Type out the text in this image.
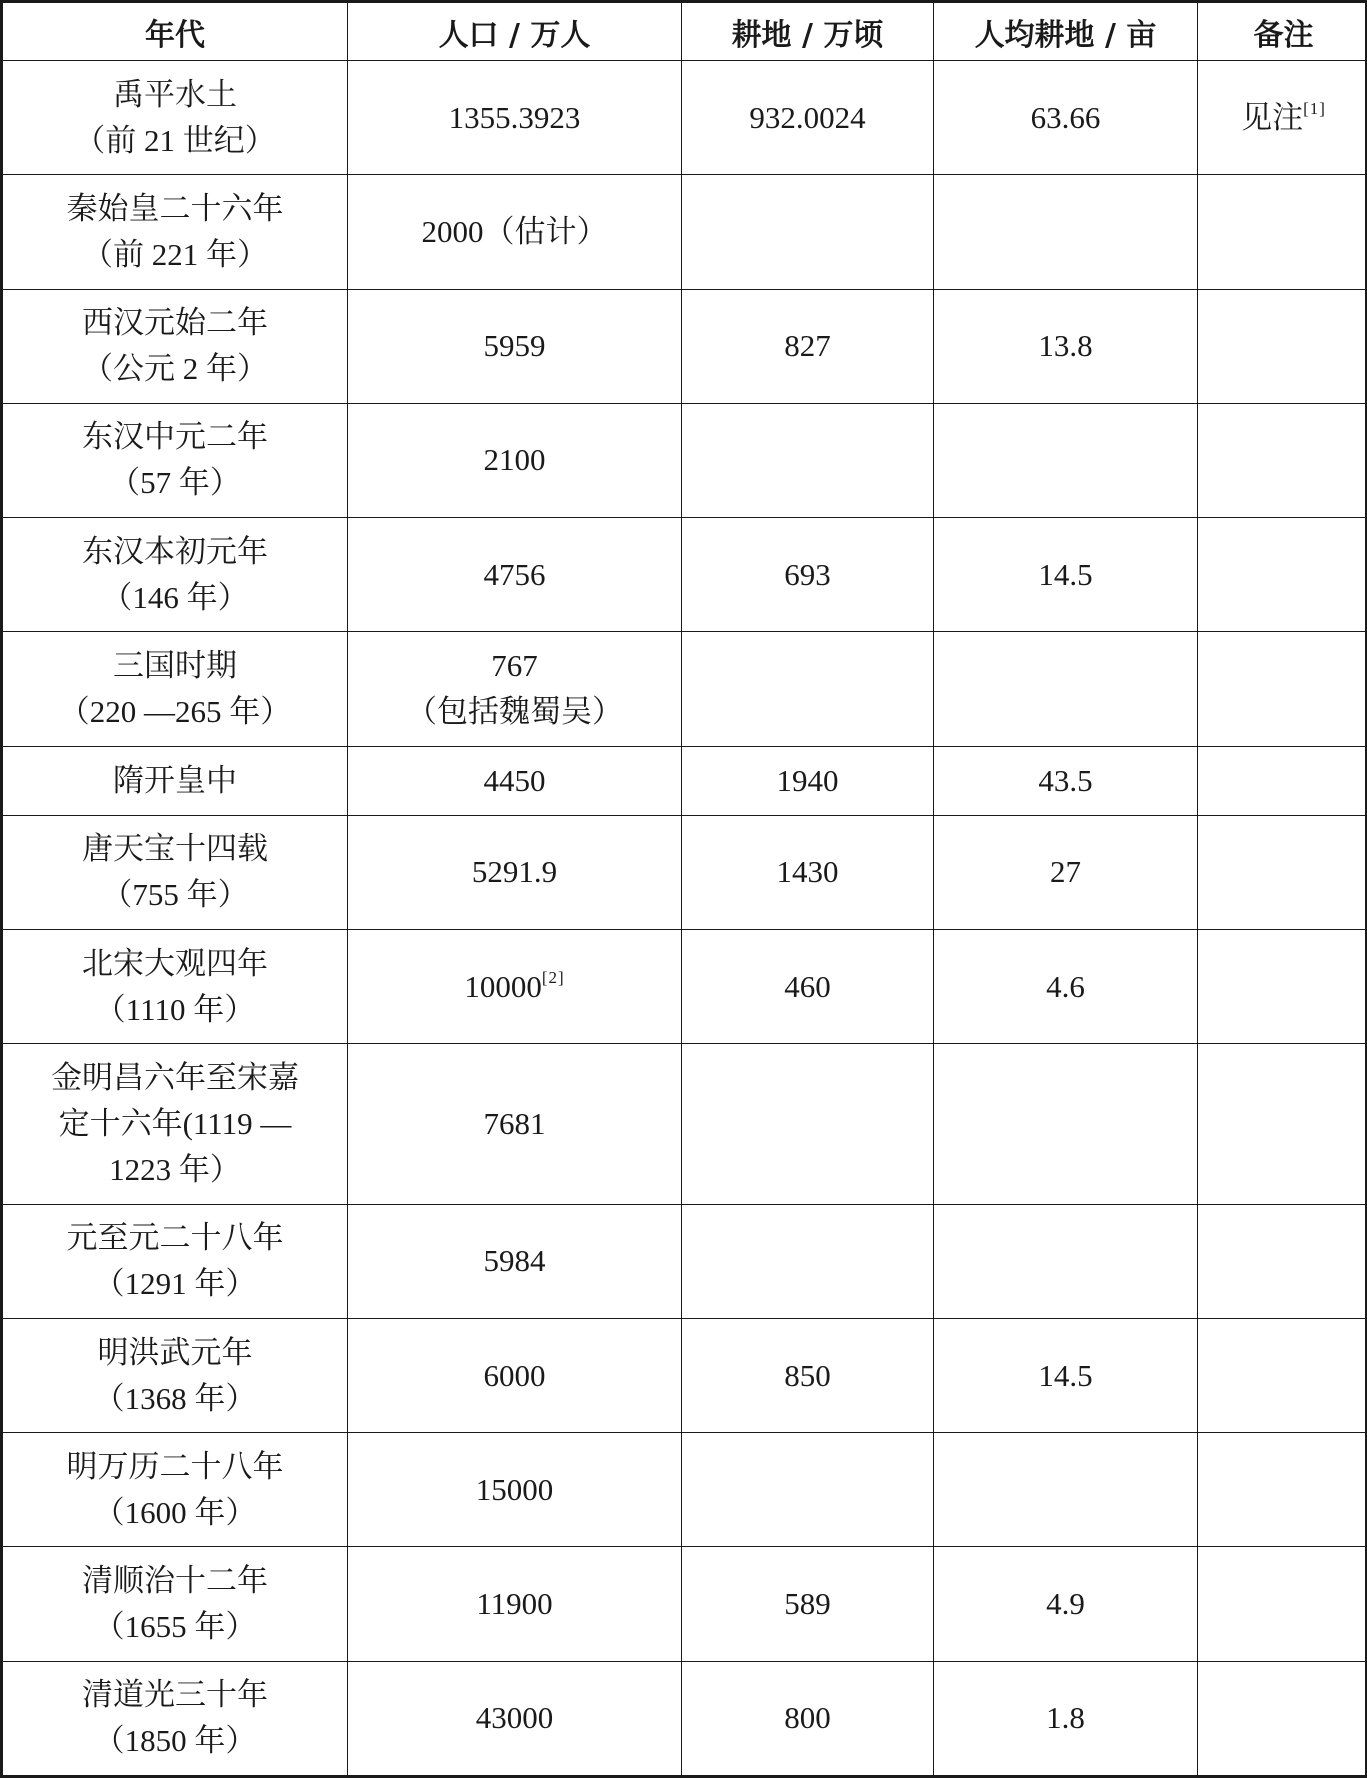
年代	人口 / 万人	耕地 / 万顷	人均耕地 / 亩	备注

禹平水土
（前 21 世纪）	1355.3923	932.0024	63.66	见注[1]

秦始皇二十六年
（前 221 年）	2000（估计）			

西汉元始二年
（公元 2 年）	5959	827	13.8	

东汉中元二年
（57 年）	2100			

东汉本初元年
（146 年）	4756	693	14.5	

三国时期
（220 —265 年）	767
（包括魏蜀吴）			

隋开皇中	4450	1940	43.5	

唐天宝十四载
（755 年）	5291.9	1430	27	

北宋大观四年
（1110 年）	10000[2]	460	4.6	

金明昌六年至宋嘉
定十六年(1119 —
1223 年）	7681			

元至元二十八年
（1291 年）	5984			

明洪武元年
（1368 年）	6000	850	14.5	

明万历二十八年
（1600 年）	15000			

清顺治十二年
（1655 年）	11900	589	4.9	

清道光三十年
（1850 年）	43000	800	1.8	
